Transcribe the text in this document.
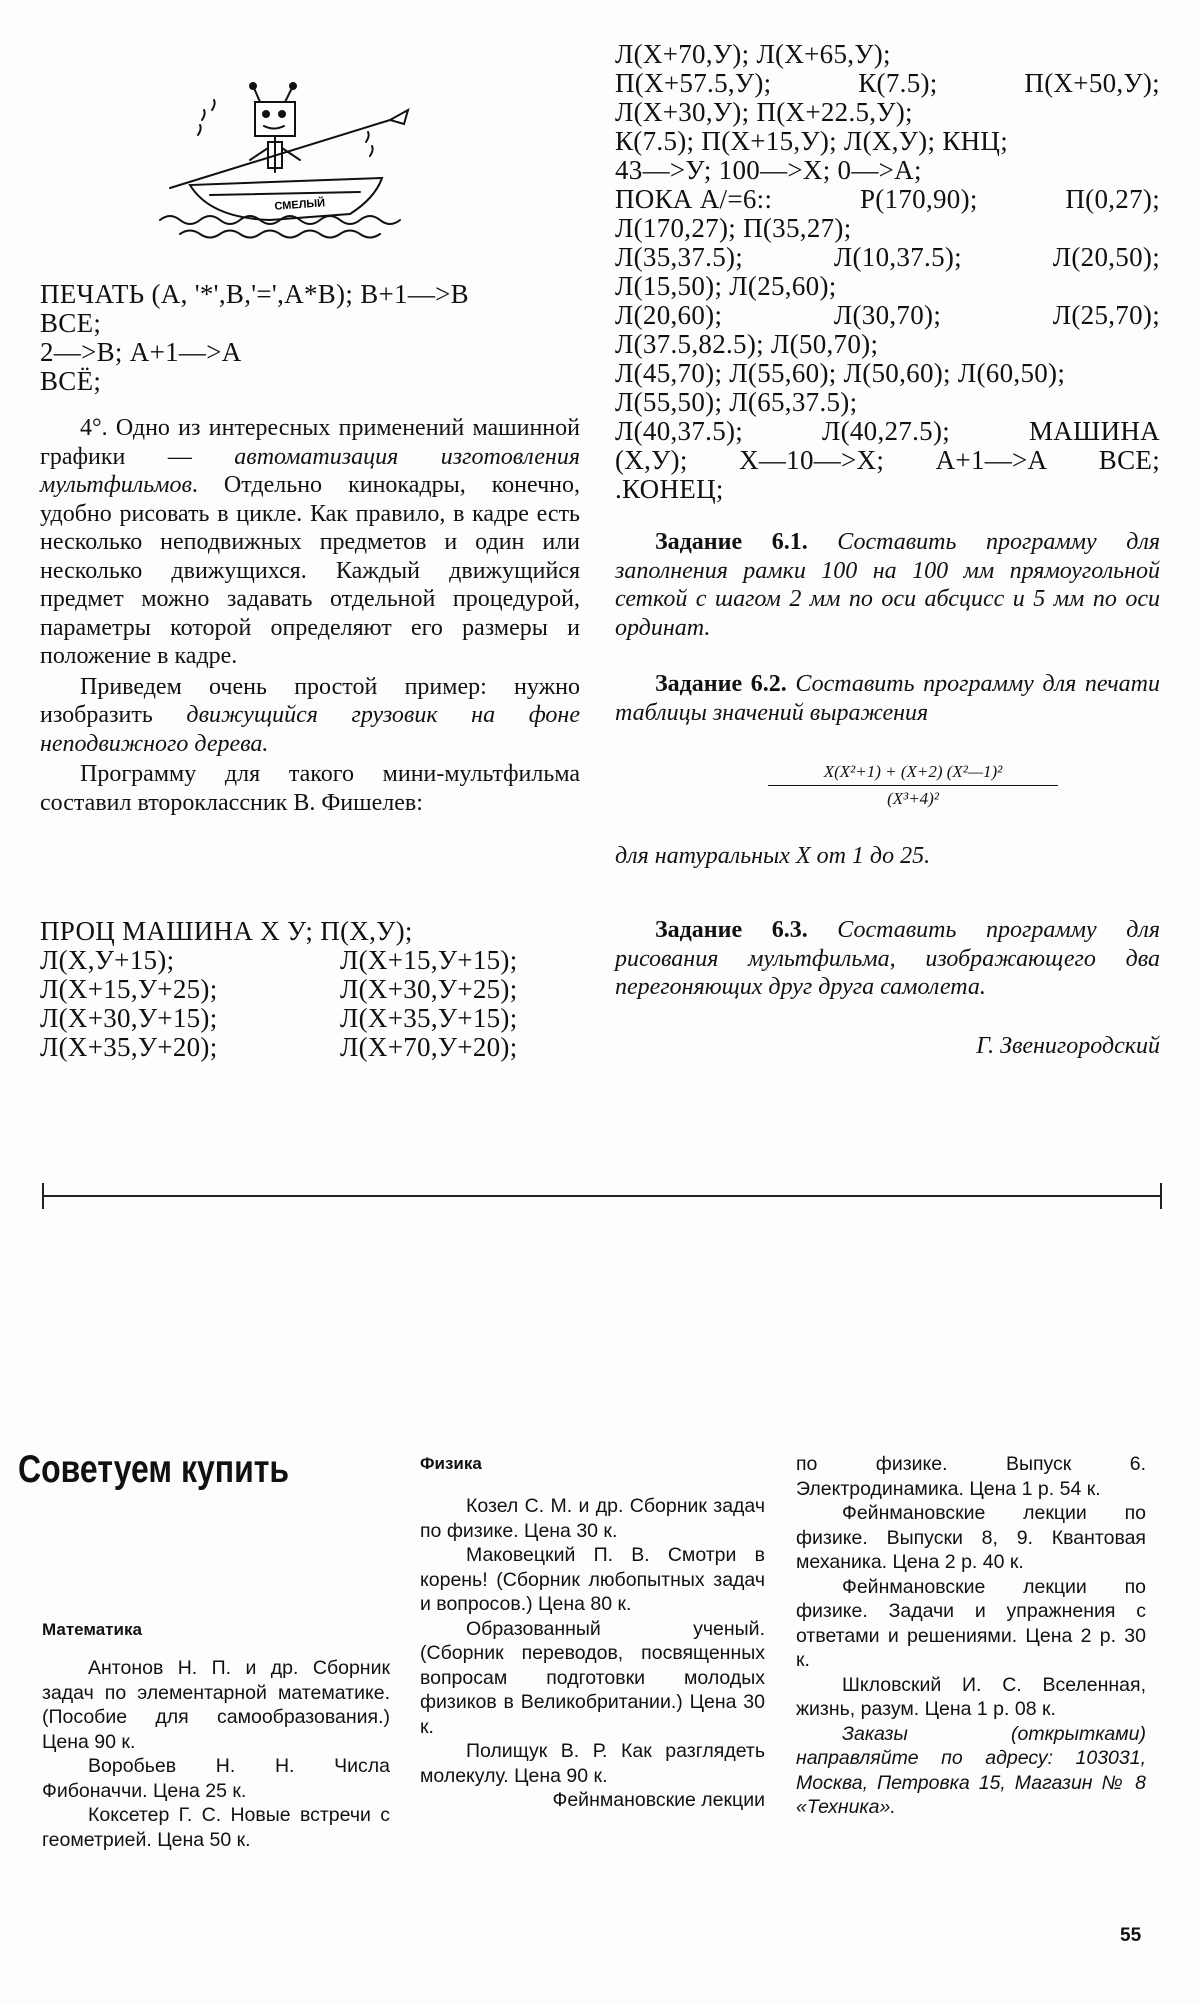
СМЕЛЫЙ
ПЕЧАТЬ (А, '*',В,'=',А*В); В+1—>В
ВСЕ;
2—>В; А+1—>А
ВСЁ;

4°. Одно из интересных применений машинной графики — автоматизация изготовления мультфильмов. Отдельно кинокадры, конечно, удобно рисовать в цикле. Как правило, в кадре есть несколько неподвижных предметов и один или несколько движущихся. Каждый движущийся предмет можно задавать отдельной процедурой, параметры которой определяют его размеры и положение в кадре.

Приведем очень простой пример: нужно изобразить движущийся грузовик на фоне неподвижного дерева.

Программу для такого мини-мультфильма составил второклассник В. Фишелев:

ПРОЦ МАШИНА Х У; П(Х,У);
Л(Х,У+15);	Л(Х+15,У+15);
Л(Х+15,У+25);	Л(Х+30,У+25);
Л(Х+30,У+15);	Л(Х+35,У+15);
Л(Х+35,У+20);	Л(Х+70,У+20);
Л(Х+70,У); Л(Х+65,У);
П(Х+57.5,У);	К(7.5);	П(Х+50,У);
Л(Х+30,У); П(Х+22.5,У);
К(7.5); П(Х+15,У); Л(Х,У); КНЦ;
43—>У; 100—>Х; 0—>А;
ПОКА А/=6::	Р(170,90);	П(0,27);
Л(170,27); П(35,27);
Л(35,37.5);	Л(10,37.5);	Л(20,50);
Л(15,50); Л(25,60);
Л(20,60);	Л(30,70);	Л(25,70);
Л(37.5,82.5); Л(50,70);
Л(45,70); Л(55,60); Л(50,60); Л(60,50);
Л(55,50); Л(65,37.5);
Л(40,37.5);	Л(40,27.5);	МАШИНА
(Х,У); Х—10—>Х; А+1—>А ВСЕ;
.КОНЕЦ;
Задание 6.1. Составить программу для заполнения рамки 100 на 100 мм прямоугольной сеткой с шагом 2 мм по оси абсцисс и 5 мм по оси ординат.
Задание 6.2. Составить программу для печати таблицы значений выражения
$\frac{\text{X(X²+1) + (X+2) (X²—1)²}}{\text{(X³+4)²}}$
для натуральных X от 1 до 25.
Задание 6.3. Составить программу для рисования мультфильма, изображающего два перегоняющих друг друга самолета.
Г. Звенигородский
Советуем купить
Математика

Антонов Н. П. и др. Сборник задач по элементарной математике. (Пособие для самообразования.) Цена 90 к.

Воробьев Н. Н. Числа Фибоначчи. Цена 25 к.

Коксетер Г. С. Новые встречи с геометрией. Цена 50 к.

Физика

Козел С. М. и др. Сборник задач по физике. Цена 30 к.

Маковецкий П. В. Смотри в корень! (Сборник любопытных задач и вопросов.) Цена 80 к.

Образованный ученый. (Сборник переводов, посвященных вопросам подготовки молодых физиков в Великобритании.) Цена 30 к.

Полищук В. Р. Как разглядеть молекулу. Цена 90 к.

Фейнмановские лекции

по физике. Выпуск 6. Электродинамика. Цена 1 р. 54 к.

Фейнмановские лекции по физике. Выпуски 8, 9. Квантовая механика. Цена 2 р. 40 к.

Фейнмановские лекции по физике. Задачи и упражнения с ответами и решениями. Цена 2 р. 30 к.

Шкловский И. С. Вселенная, жизнь, разум. Цена 1 р. 08 к.

Заказы (открытками) направляйте по адресу: 103031, Москва, Петровка 15, Магазин № 8 «Техника».

55
